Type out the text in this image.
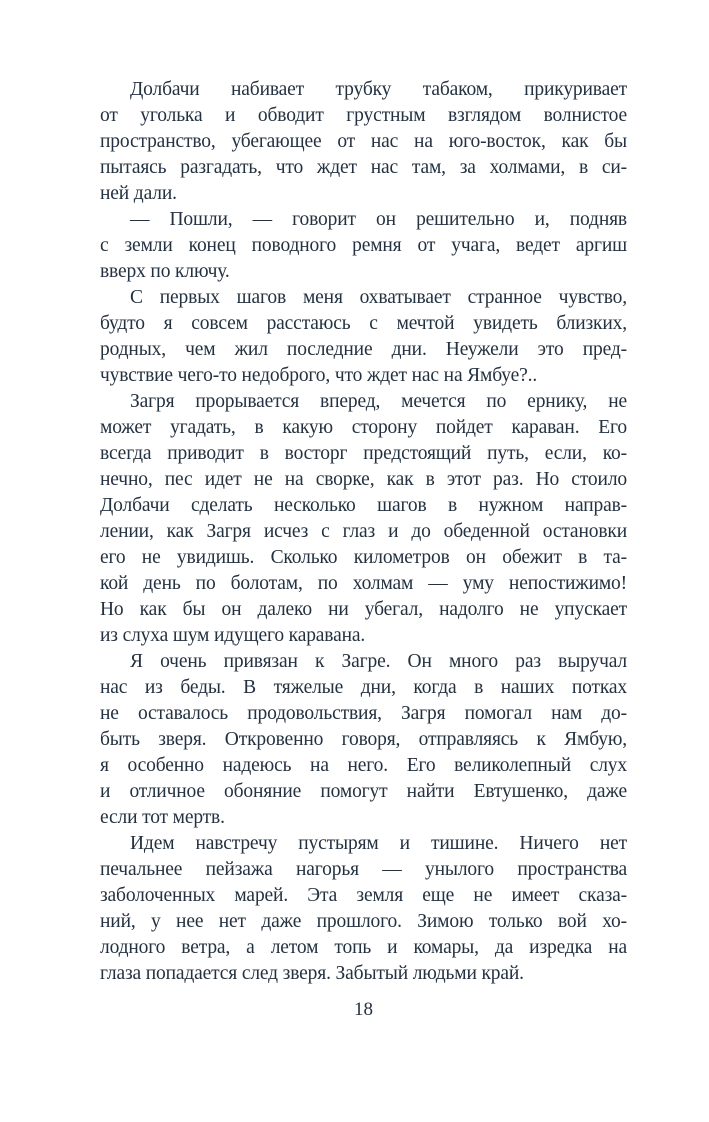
Долбачи набивает трубку табаком, прикуривает
от уголька и обводит грустным взглядом волнистое
пространство, убегающее от нас на юго-восток, как бы
пытаясь разгадать, что ждет нас там, за холмами, в си-
ней дали.
— Пошли, — говорит он решительно и, подняв
с земли конец поводного ремня от учага, ведет аргиш
вверх по ключу.
С первых шагов меня охватывает странное чувство,
будто я совсем расстаюсь с мечтой увидеть близких,
родных, чем жил последние дни. Неужели это пред-
чувствие чего-то недоброго, что ждет нас на Ямбуе?..
Загря прорывается вперед, мечется по ернику, не
может угадать, в какую сторону пойдет караван. Его
всегда приводит в восторг предстоящий путь, если, ко-
нечно, пес идет не на сворке, как в этот раз. Но стоило
Долбачи сделать несколько шагов в нужном направ-
лении, как Загря исчез с глаз и до обеденной остановки
его не увидишь. Сколько километров он обежит в та-
кой день по болотам, по холмам — уму непостижимо!
Но как бы он далеко ни убегал, надолго не упускает
из слуха шум идущего каравана.
Я очень привязан к Загре. Он много раз выручал
нас из беды. В тяжелые дни, когда в наших потках
не оставалось продовольствия, Загря помогал нам до-
быть зверя. Откровенно говоря, отправляясь к Ямбую,
я особенно надеюсь на него. Его великолепный слух
и отличное обоняние помогут найти Евтушенко, даже
если тот мертв.
Идем навстречу пустырям и тишине. Ничего нет
печальнее пейзажа нагорья — унылого пространства
заболоченных марей. Эта земля еще не имеет сказа-
ний, у нее нет даже прошлого. Зимою только вой хо-
лодного ветра, а летом топь и комары, да изредка на
глаза попадается след зверя. Забытый людьми край.
18
